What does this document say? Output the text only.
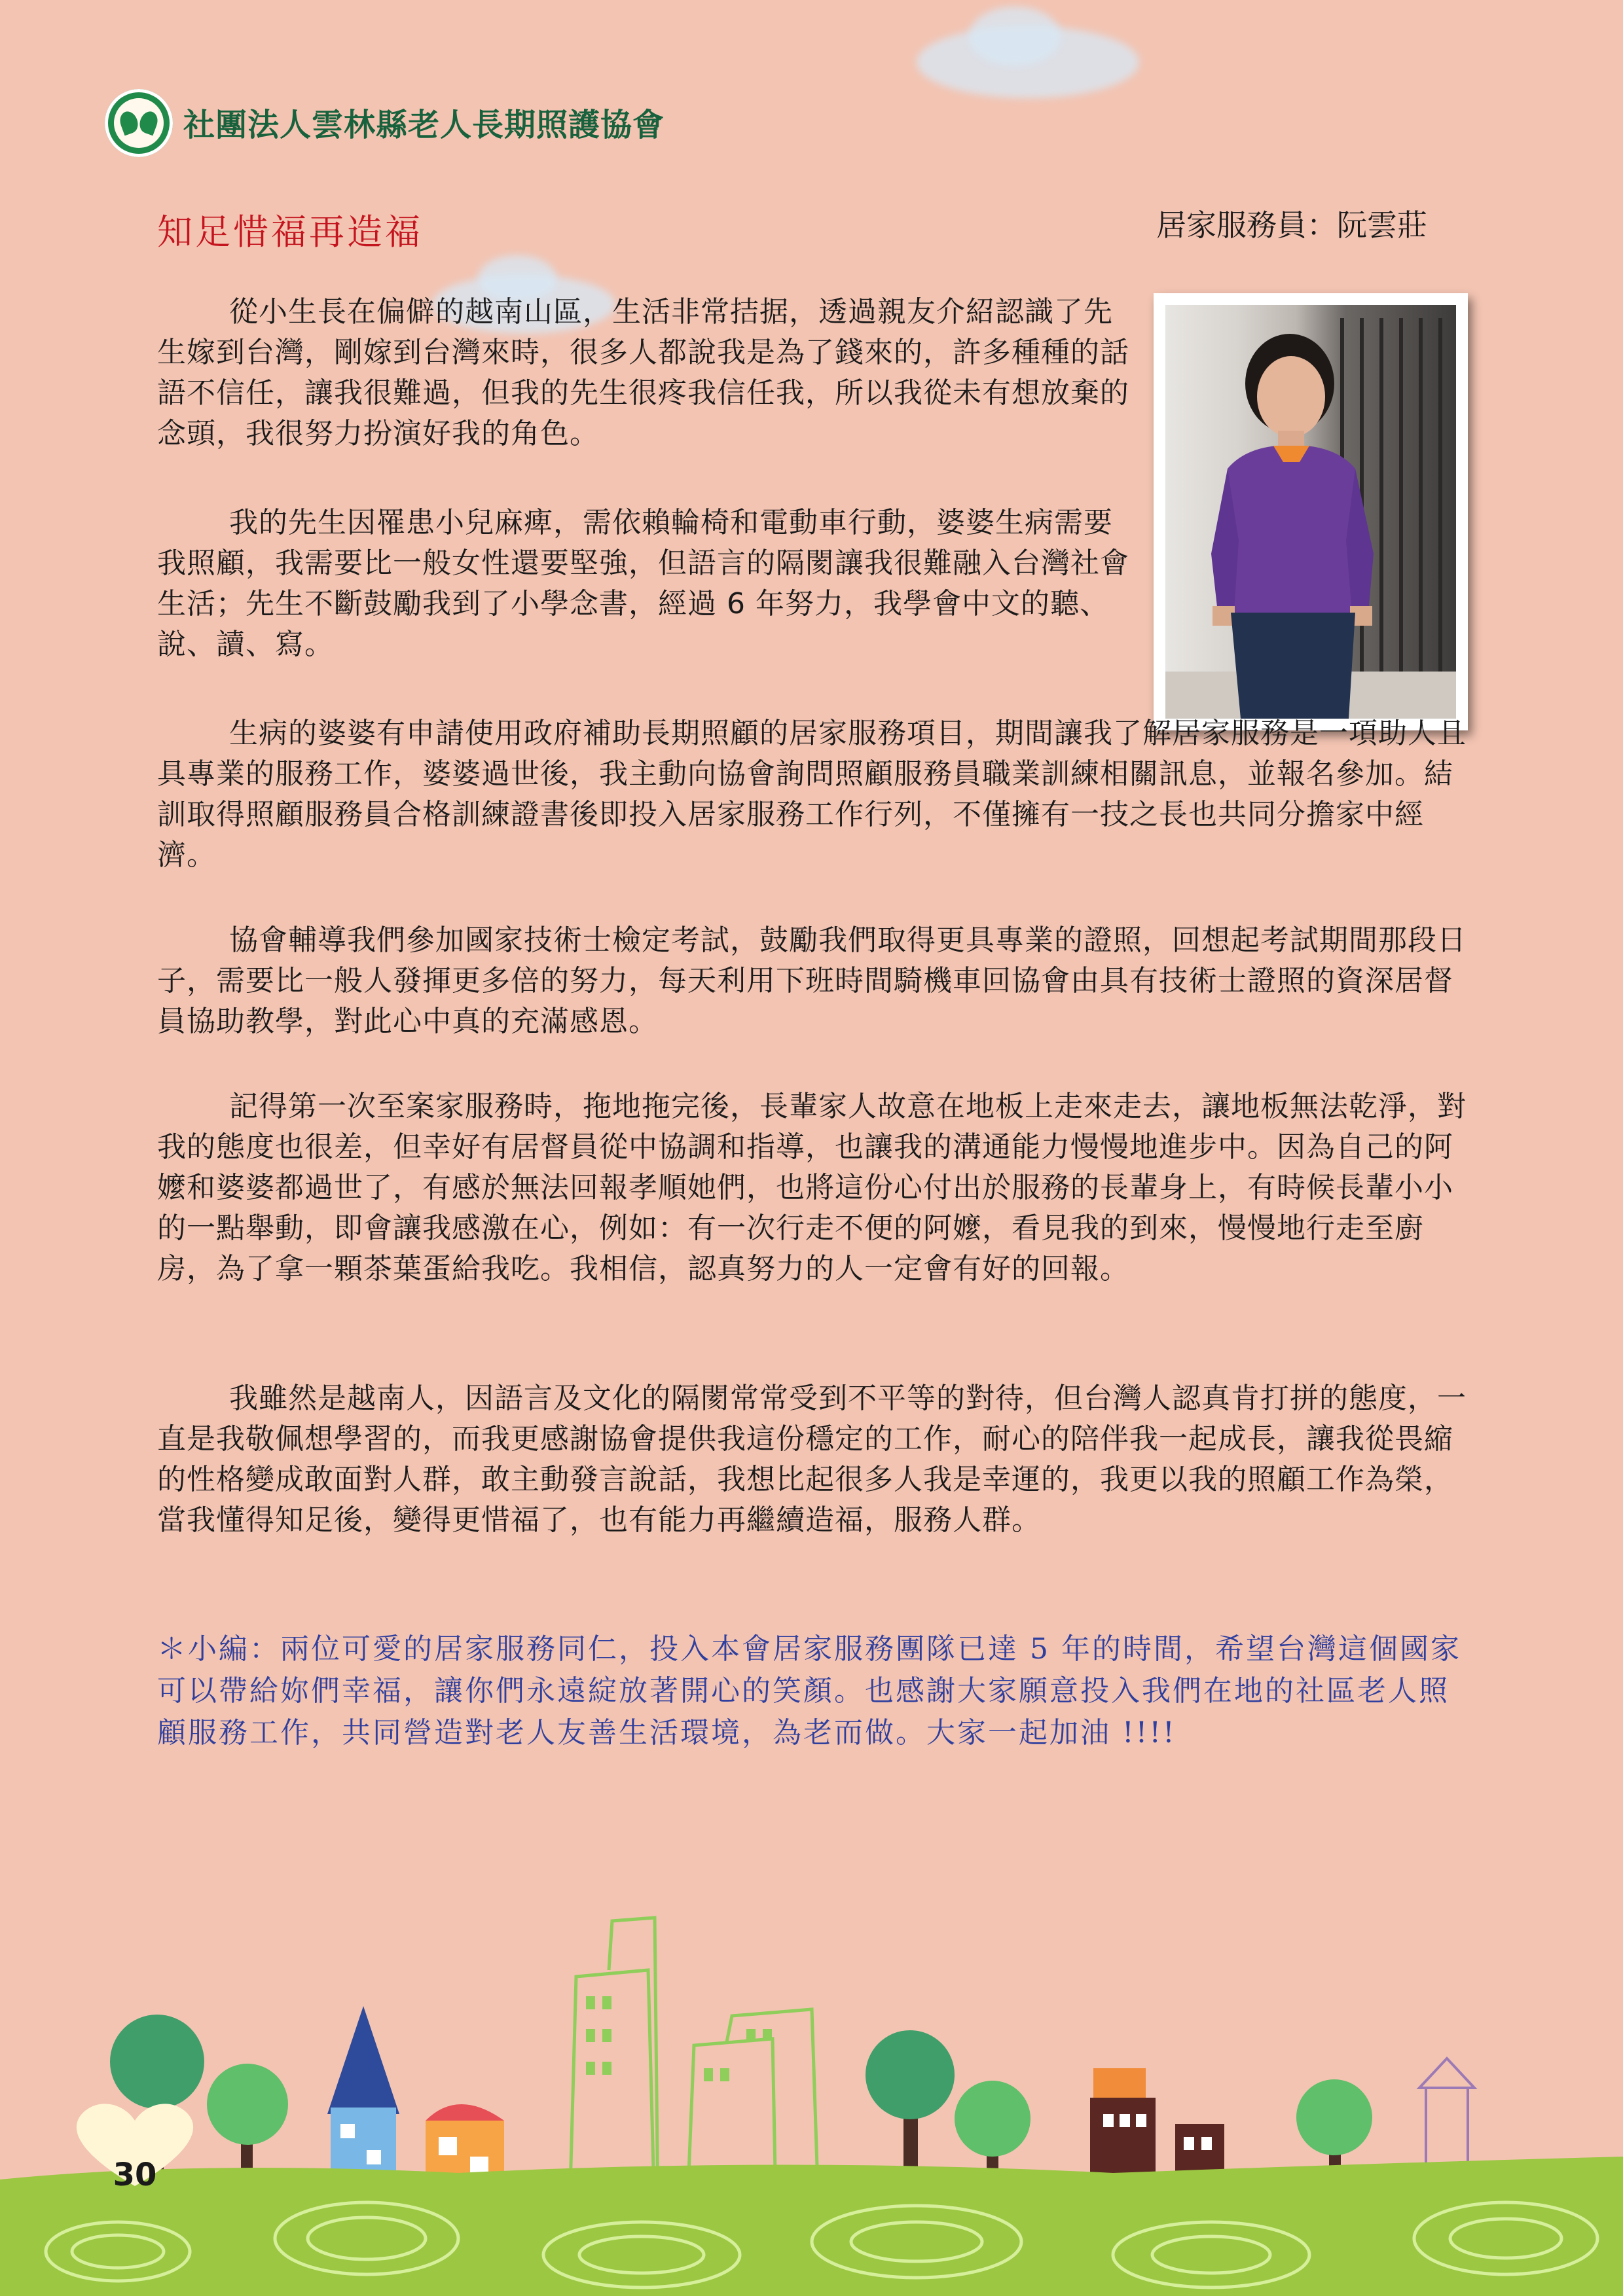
社團法人雲林縣老人長期照護協會
知足惜福再造福	居家服務員：阮雲莊

從小生長在偏僻的越南山區，生活非常拮据，透過親友介紹認識了先生嫁到台灣，剛嫁到台灣來時，很多人都說我是為了錢來的，許多種種的話語不信任，讓我很難過，但我的先生很疼我信任我，所以我從未有想放棄的念頭，我很努力扮演好我的角色。

我的先生因罹患小兒麻痺，需依賴輪椅和電動車行動，婆婆生病需要我照顧，我需要比一般女性還要堅強，但語言的隔閡讓我很難融入台灣社會生活；先生不斷鼓勵我到了小學念書，經過 6 年努力，我學會中文的聽、說、讀、寫。

生病的婆婆有申請使用政府補助長期照顧的居家服務項目，期間讓我了解居家服務是一項助人且具專業的服務工作，婆婆過世後，我主動向協會詢問照顧服務員職業訓練相關訊息，並報名參加。結訓取得照顧服務員合格訓練證書後即投入居家服務工作行列，不僅擁有一技之長也共同分擔家中經濟。

協會輔導我們參加國家技術士檢定考試，鼓勵我們取得更具專業的證照，回想起考試期間那段日子，需要比一般人發揮更多倍的努力，每天利用下班時間騎機車回協會由具有技術士證照的資深居督員協助教學，對此心中真的充滿感恩。

記得第一次至案家服務時，拖地拖完後，長輩家人故意在地板上走來走去，讓地板無法乾淨，對我的態度也很差，但幸好有居督員從中協調和指導，也讓我的溝通能力慢慢地進步中。因為自己的阿嬤和婆婆都過世了，有感於無法回報孝順她們，也將這份心付出於服務的長輩身上，有時候長輩小小的一點舉動，即會讓我感激在心，例如：有一次行走不便的阿嬤，看見我的到來，慢慢地行走至廚房，為了拿一顆茶葉蛋給我吃。我相信，認真努力的人一定會有好的回報。

我雖然是越南人，因語言及文化的隔閡常常受到不平等的對待，但台灣人認真肯打拼的態度，一直是我敬佩想學習的，而我更感謝協會提供我這份穩定的工作，耐心的陪伴我一起成長，讓我從畏縮的性格變成敢面對人群，敢主動發言說話，我想比起很多人我是幸運的，我更以我的照顧工作為榮，當我懂得知足後，變得更惜福了，也有能力再繼續造福，服務人群。

＊小編：兩位可愛的居家服務同仁，投入本會居家服務團隊已達 5 年的時間，希望台灣這個國家可以帶給妳們幸福，讓你們永遠綻放著開心的笑顏。也感謝大家願意投入我們在地的社區老人照顧服務工作，共同營造對老人友善生活環境，為老而做。大家一起加油 !!!!

30
